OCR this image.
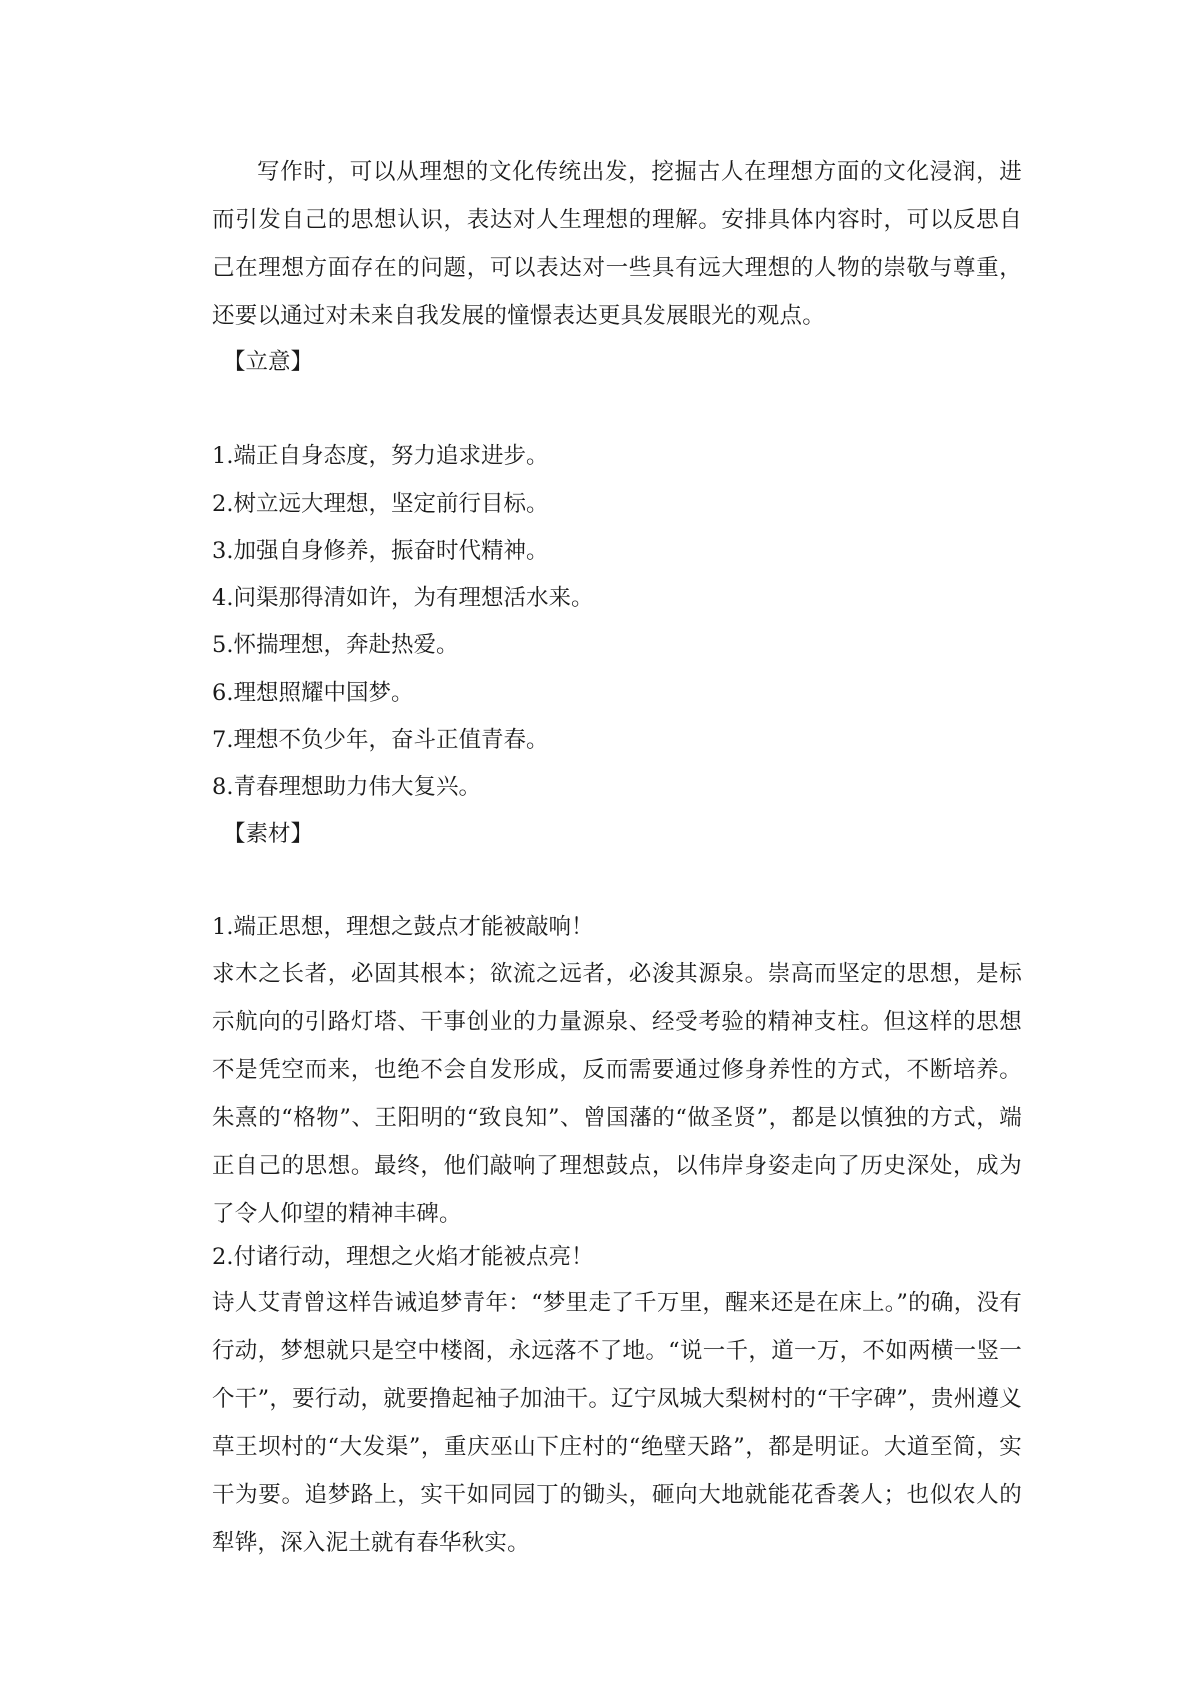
写作时，可以从理想的文化传统出发，挖掘古人在理想方面的文化浸润，进而引发自己的思想认识，表达对人生理想的理解。安排具体内容时，可以反思自己在理想方面存在的问题，可以表达对一些具有远大理想的人物的崇敬与尊重，还要以通过对未来自我发展的憧憬表达更具发展眼光的观点。

【立意】

1.端正自身态度，努力追求进步。

2.树立远大理想，坚定前行目标。

3.加强自身修养，振奋时代精神。

4.问渠那得清如许，为有理想活水来。

5.怀揣理想，奔赴热爱。

6.理想照耀中国梦。

7.理想不负少年，奋斗正值青春。

8.青春理想助力伟大复兴。

【素材】

1.端正思想，理想之鼓点才能被敲响！

求木之长者，必固其根本；欲流之远者，必浚其源泉。崇高而坚定的思想，是标示航向的引路灯塔、干事创业的力量源泉、经受考验的精神支柱。但这样的思想不是凭空而来，也绝不会自发形成，反而需要通过修身养性的方式，不断培养。朱熹的“格物”、王阳明的“致良知”、曾国藩的“做圣贤”，都是以慎独的方式，端正自己的思想。最终，他们敲响了理想鼓点，以伟岸身姿走向了历史深处，成为了令人仰望的精神丰碑。

2.付诸行动，理想之火焰才能被点亮！

诗人艾青曾这样告诫追梦青年：“梦里走了千万里，醒来还是在床上。”的确，没有行动，梦想就只是空中楼阁，永远落不了地。“说一千，道一万，不如两横一竖一个干”，要行动，就要撸起袖子加油干。辽宁凤城大梨树村的“干字碑”，贵州遵义草王坝村的“大发渠”，重庆巫山下庄村的“绝壁天路”，都是明证。大道至简，实干为要。追梦路上，实干如同园丁的锄头，砸向大地就能花香袭人；也似农人的犁铧，深入泥土就有春华秋实。
